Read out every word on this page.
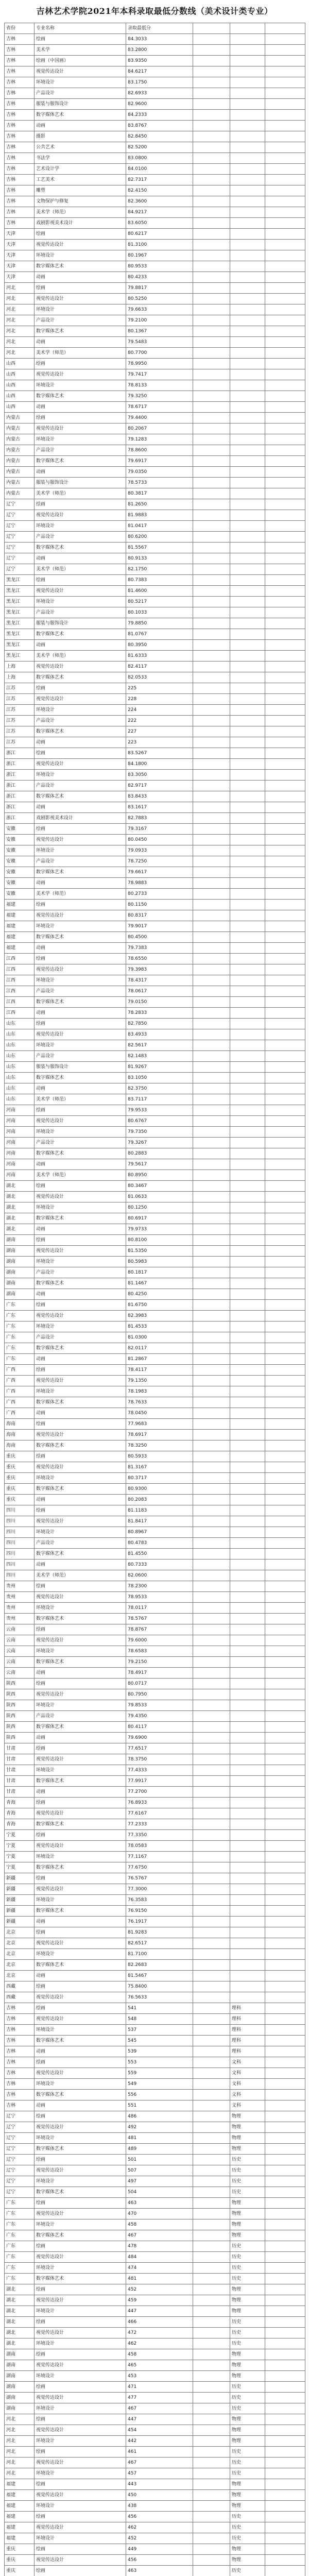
吉林艺术学院2021年本科录取最低分数线（美术设计类专业）
省份	专业名称	录取最低分			
吉林	绘画	84.3033			
吉林	美术学	83.2800			
吉林	绘画（中国画）	83.9350			
吉林	视觉传达设计	84.6217			
吉林	环境设计	83.1750			
吉林	产品设计	82.6933			
吉林	服装与服饰设计	82.9600			
吉林	数字媒体艺术	84.2333			
吉林	动画	83.8767			
吉林	摄影	82.8450			
吉林	公共艺术	82.5200			
吉林	书法学	83.0800			
吉林	艺术设计学	84.0100			
吉林	工艺美术	82.7317			
吉林	雕塑	82.4150			
吉林	文物保护与修复	82.3600			
吉林	美术学（师范）	84.9217			
吉林	戏剧影视美术设计	83.6050			
天津	绘画	80.6217			
天津	视觉传达设计	81.3100			
天津	环境设计	80.1967			
天津	数字媒体艺术	80.9533			
天津	动画	80.4233			
河北	绘画	79.8817			
河北	视觉传达设计	80.5250			
河北	环境设计	79.6633			
河北	产品设计	79.2100			
河北	数字媒体艺术	80.1367			
河北	动画	79.5483			
河北	美术学（师范）	80.7700			
山西	绘画	78.9950			
山西	视觉传达设计	79.7417			
山西	环境设计	78.8133			
山西	数字媒体艺术	79.3250			
山西	动画	78.6717			
内蒙古	绘画	79.4400			
内蒙古	视觉传达设计	80.2067			
内蒙古	环境设计	79.1283			
内蒙古	产品设计	78.8600			
内蒙古	数字媒体艺术	79.6917			
内蒙古	动画	79.0350			
内蒙古	服装与服饰设计	78.5733			
内蒙古	美术学（师范）	80.3817			
辽宁	绘画	81.2650			
辽宁	视觉传达设计	81.9883			
辽宁	环境设计	81.0417			
辽宁	产品设计	80.6200			
辽宁	数字媒体艺术	81.5567			
辽宁	动画	80.9133			
辽宁	美术学（师范）	82.1750			
黑龙江	绘画	80.7383			
黑龙江	视觉传达设计	81.4600			
黑龙江	环境设计	80.5217			
黑龙江	产品设计	80.1033			
黑龙江	服装与服饰设计	79.8850			
黑龙江	数字媒体艺术	81.0767			
黑龙江	动画	80.3950			
黑龙江	美术学（师范）	81.6333			
上海	视觉传达设计	82.4117			
上海	数字媒体艺术	82.0533			
江苏	绘画	225			
江苏	视觉传达设计	228			
江苏	环境设计	224			
江苏	产品设计	222			
江苏	数字媒体艺术	227			
江苏	动画	223			
浙江	绘画	83.5267			
浙江	视觉传达设计	84.1800			
浙江	环境设计	83.3050			
浙江	产品设计	82.9717			
浙江	数字媒体艺术	83.8433			
浙江	动画	83.1617			
浙江	戏剧影视美术设计	82.7883			
安徽	绘画	79.3167			
安徽	视觉传达设计	80.0450			
安徽	环境设计	79.0933			
安徽	产品设计	78.7250			
安徽	数字媒体艺术	79.6617			
安徽	动画	78.9883			
安徽	美术学（师范）	80.2733			
福建	绘画	80.1150			
福建	视觉传达设计	80.8317			
福建	环境设计	79.9017			
福建	数字媒体艺术	80.4500			
福建	动画	79.7383			
江西	绘画	78.6550			
江西	视觉传达设计	79.3983			
江西	环境设计	78.4317			
江西	产品设计	78.0617			
江西	数字媒体艺术	79.0150			
江西	动画	78.2833			
山东	绘画	82.7850			
山东	视觉传达设计	83.4933			
山东	环境设计	82.5617			
山东	产品设计	82.1483			
山东	服装与服饰设计	81.9267			
山东	数字媒体艺术	83.1050			
山东	动画	82.3750			
山东	美术学（师范）	83.7117			
河南	绘画	79.9533			
河南	视觉传达设计	80.6767			
河南	环境设计	79.7350			
河南	产品设计	79.3267			
河南	数字媒体艺术	80.2883			
河南	动画	79.5617			
河南	美术学（师范）	80.8950			
湖北	绘画	80.3467			
湖北	视觉传达设计	81.0633			
湖北	环境设计	80.1250			
湖北	数字媒体艺术	80.6917			
湖北	动画	79.9733			
湖南	绘画	80.8100			
湖南	视觉传达设计	81.5350			
湖南	环境设计	80.5983			
湖南	产品设计	80.1817			
湖南	数字媒体艺术	81.1467			
湖南	动画	80.4250			
广东	绘画	81.6750			
广东	视觉传达设计	82.3983			
广东	环境设计	81.4533			
广东	产品设计	81.0300			
广东	数字媒体艺术	82.0117			
广东	动画	81.2867			
广西	绘画	78.4117			
广西	视觉传达设计	79.1350			
广西	环境设计	78.1983			
广西	数字媒体艺术	78.7633			
广西	动画	78.0450			
海南	绘画	77.9683			
海南	视觉传达设计	78.6917			
海南	数字媒体艺术	78.3250			
重庆	绘画	80.5933			
重庆	视觉传达设计	81.3167			
重庆	环境设计	80.3717			
重庆	数字媒体艺术	80.9300			
重庆	动画	80.2083			
四川	绘画	81.1183			
四川	视觉传达设计	81.8417			
四川	环境设计	80.8967			
四川	产品设计	80.4783			
四川	数字媒体艺术	81.4550			
四川	动画	80.7333			
四川	美术学（师范）	82.0600			
贵州	绘画	78.2300			
贵州	视觉传达设计	78.9533			
贵州	环境设计	78.0117			
贵州	数字媒体艺术	78.5767			
云南	绘画	78.8767			
云南	视觉传达设计	79.6000			
云南	环境设计	78.6583			
云南	数字媒体艺术	79.2150			
云南	动画	78.4917			
陕西	绘画	80.0717			
陕西	视觉传达设计	80.7950			
陕西	环境设计	79.8533			
陕西	产品设计	79.4350			
陕西	数字媒体艺术	80.4117			
陕西	动画	79.6900			
甘肃	绘画	77.6517			
甘肃	视觉传达设计	78.3750			
甘肃	环境设计	77.4333			
甘肃	数字媒体艺术	77.9917			
甘肃	动画	77.2700			
青海	绘画	76.8933			
青海	视觉传达设计	77.6167			
青海	数字媒体艺术	77.2333			
宁夏	绘画	77.3350			
宁夏	视觉传达设计	78.0583			
宁夏	环境设计	77.1167			
宁夏	数字媒体艺术	77.6750			
新疆	绘画	76.5767			
新疆	视觉传达设计	77.3000			
新疆	环境设计	76.3583			
新疆	数字媒体艺术	76.9150			
新疆	动画	76.1917			
北京	绘画	81.9283			
北京	视觉传达设计	82.6517			
北京	环境设计	81.7100			
北京	数字媒体艺术	82.2683			
北京	动画	81.5467			
西藏	绘画	75.8400			
西藏	视觉传达设计	76.5633			
吉林	绘画	541		理科	
吉林	视觉传达设计	548		理科	
吉林	环境设计	537		理科	
吉林	数字媒体艺术	545		理科	
吉林	动画	539		理科	
吉林	绘画	553		文科	
吉林	视觉传达设计	559		文科	
吉林	环境设计	549		文科	
吉林	数字媒体艺术	556		文科	
吉林	动画	551		文科	
辽宁	绘画	486		物理	
辽宁	视觉传达设计	492		物理	
辽宁	环境设计	481		物理	
辽宁	数字媒体艺术	489		物理	
辽宁	绘画	501		历史	
辽宁	视觉传达设计	507		历史	
辽宁	环境设计	497		历史	
辽宁	数字媒体艺术	504		历史	
广东	绘画	463		物理	
广东	视觉传达设计	470		物理	
广东	环境设计	458		物理	
广东	数字媒体艺术	467		物理	
广东	绘画	478		历史	
广东	视觉传达设计	484		历史	
广东	环境设计	474		历史	
广东	数字媒体艺术	481		历史	
湖北	绘画	452		物理	
湖北	视觉传达设计	459		物理	
湖北	环境设计	447		物理	
湖北	绘画	466		历史	
湖北	视觉传达设计	472		历史	
湖北	环境设计	462		历史	
湖南	绘画	458		物理	
湖南	视觉传达设计	465		物理	
湖南	环境设计	453		物理	
湖南	绘画	471		历史	
湖南	视觉传达设计	477		历史	
湖南	环境设计	467		历史	
河北	绘画	447		物理	
河北	视觉传达设计	454		物理	
河北	环境设计	442		物理	
河北	绘画	461		历史	
河北	视觉传达设计	467		历史	
河北	环境设计	457		历史	
福建	绘画	443		物理	
福建	视觉传达设计	450		物理	
福建	环境设计	438		物理	
福建	绘画	456		历史	
福建	视觉传达设计	462		历史	
福建	环境设计	452		历史	
重庆	绘画	449		物理	
重庆	视觉传达设计	456		物理	
重庆	绘画	463		历史	
